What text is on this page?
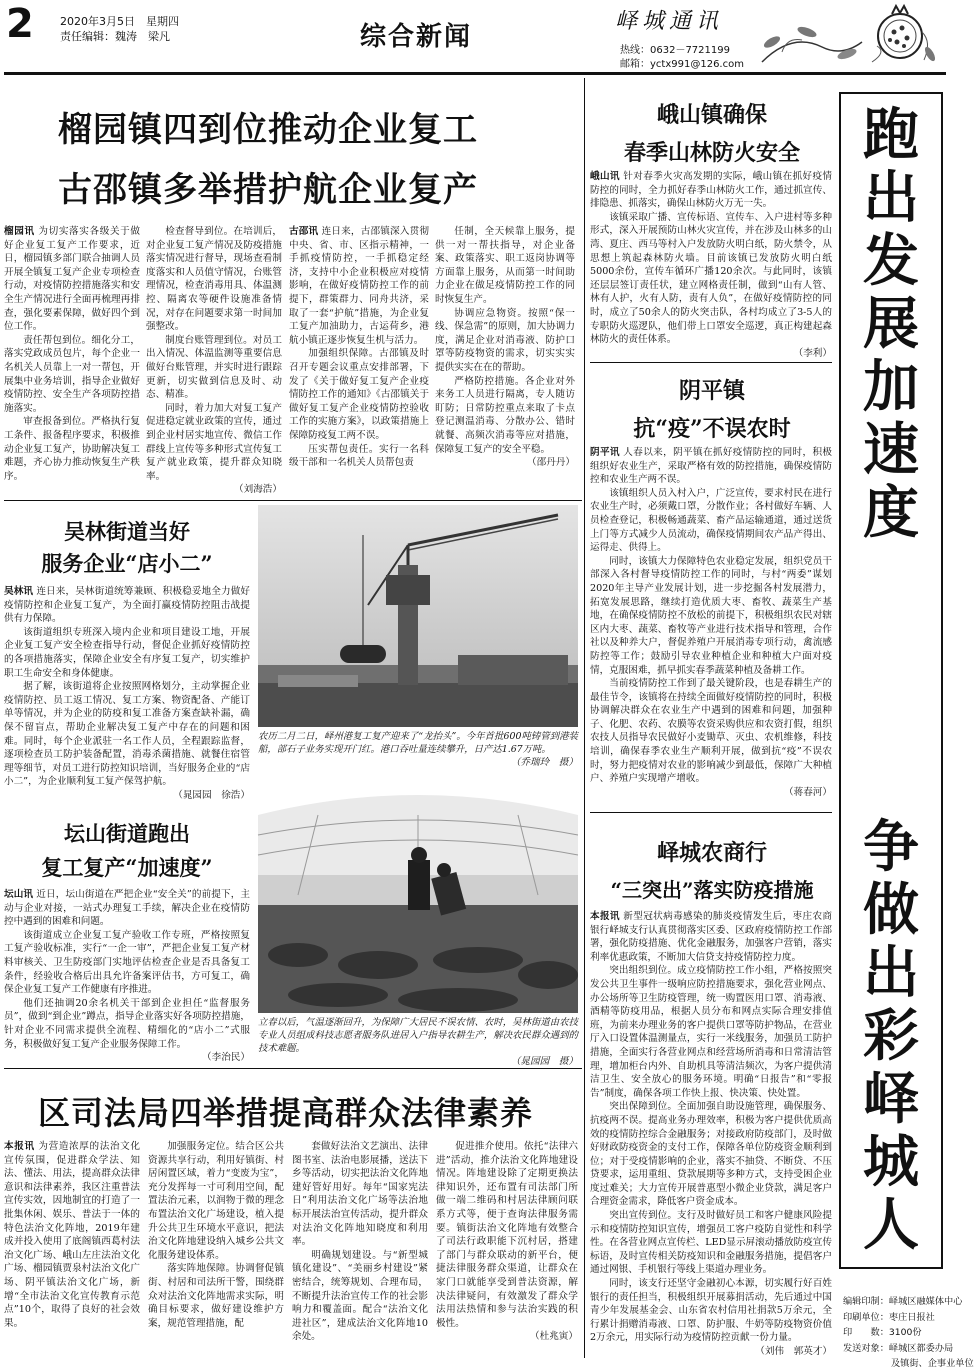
2 2020年3月5日　星期四
责任编辑：魏涛　梁凡	综合新闻
峄城通讯
热线：0632－7721199
邮箱：yctx991@126.com
榴园镇四到位推动企业复工
古邵镇多举措护航企业复产

榴园讯 为切实落实各级关于做好企业复工复产工作要求，近日，榴园镇多部门联合抽调人员开展全镇复工复产企业专项检查行动，对疫情防控措施落实和安全生产情况进行全面再梳理再排查，强化要素保障，做好四个到位工作。

责任帮包到位。细化分工，落实党政成员包片，每个企业一名机关人员靠上一对一帮包，开展集中业务培训，指导企业做好疫情防控、安全生产各项防控措施落实。

审查报备到位。严格执行复工条件、报备程序要求，积极推动企业复工复产，协助解决复工难题，齐心协力推动恢复生产秩序。

检查督导到位。在培训后，对企业复工复产情况及防疫措施落实情况进行督导，现场查看制度落实和人员值守情况，台账管理情况，检查消毒用具、体温测控、隔离农等硬件设施准备情况，对存在问题要求第一时间加强整改。

制度台账管理到位。对员工出入情况、体温监测等重要信息做好台账管理，并实时进行跟踪更新，切实做到信息及时、动态、精准。

同时，着力加大对复工复产促进稳定就业政策的宣传，通过到企业村居实地宣传、微信工作群线上宣传等多种形式宣传复工复产就业政策，提升群众知晓率。

（刘海浩）

古邵讯 连日来，古邵镇深入贯彻中央、省、市、区指示精神，一手抓疫情防控，一手抓稳定经济，支持中小企业积极应对疫情影响，在做好疫情防控工作的前提下，群策群力、同舟共济，采取了一套“护航”措施，为企业复工复产加油助力，古运荷乡，港航小镇正逐步恢复生机与活力。

加强组织保障。古邵镇及时召开专题会议重点安排部署，下发了《关于做好复工复产企业疫情防控工作的通知》《古邵镇关于做好复工复产企业疫情防控验收工作的实施方案》，以政策措施上保障防疫复工两不误。

压实帮包责任。实行一名科级干部和一名机关人员帮包责

任制，全天候靠上服务，提供一对一帮扶指导，对企业备案、政策落实、职工返岗协调等方面靠上服务，从而第一时间助力企业在做足疫情防控工作的同时恢复生产。

协调应急物资。按照“保一线、保急需”的原则，加大协调力度，满足企业对消毒液、防护口罩等防疫物资的需求，切实实实提供实实在在的帮助。

严格防控措施。各企业对外来务工人员进行隔离，专人随访盯防；日常防控重点来取了卡点登记测温消毒、分散办公、错时就餐、高频次消毒等应对措施，保障复工复产的安全平稳。

（邵丹丹）
吴林街道当好
服务企业“店小二”

吴林讯 连日来，吴林街道统筹兼顾、积极稳妥地全力做好疫情防控和企业复工复产，为全面打赢疫情防控阻击战提供有力保障。

该街道组织专班深入境内企业和项目建设工地，开展企业复工复产安全检查指导行动，督促企业抓好疫情防控的各项措施落实，保障企业安全有序复工复产，切实维护职工生命安全和身体健康。

据了解，该街道将企业按照网格划分，主动掌握企业疫情防控、员工返工情况、复工方案、物资配备、产能订单等情况，并为企业的防疫和复工准备方案查缺补漏，确保不留盲点，帮助企业解决复工复产中存在的问题和困难。同时，每个企业派驻一名工作人员，全程跟踪监督，逐项检查员工防护装备配置，消毒杀菌措施、就餐住宿管理等细节，对员工进行防控知识培训，当好服务企业的“店小二”，为企业顺利复工复产保驾护航。

（晁园园　徐浩）
坛山街道跑出
复工复产“加速度”

坛山讯 近日，坛山街道在严把企业“安全关”的前提下，主动与企业对接，一站式办理复工手续，解决企业在疫情防控中遇到的困难和问题。

该街道成立企业复工复产验收工作专班，严格按照复工复产验收标准，实行“一企一审”，严把企业复工复产材料审核关、卫生防疫部门实地评估检查企业是否具备复工条件，经验收合格后出具允许备案评估书，方可复工，确保企业复工复产工作健康有序推进。

他们还抽调20余名机关干部到企业担任“监督服务员”，做到“到企业”蹲点，指导企业落实好各项防控措施，针对企业不同需求提供全流程、精细化的“店小二”式服务，积极做好复工复产企业服务保障工作。

（李治民）
农历二月二日，峄州港复工复产迎来了“龙抬头”。今年首批600吨铸管到港装船，部石子业务实现开门红。港口吞吐量连续攀升，日产达1.67万吨。
（乔瑞玲　摄）
立春以后，气温逐渐回升，为保障广大居民不误农情、农时，吴林街道由农技专业人员组成科技志愿者服务队进居入户指导农耕生产，解决农民群众遇到的技术难题。
（晁园园　摄）
区司法局四举措提高群众法律素养

本报讯 为营造浓厚的法治文化宣传氛围，促进群众学法、知法、懂法、用法，提高群众法律意识和法律素养，我区注重普法宣传实效，因地制宜的打造了一批集休闲、娱乐、普法于一体的特色法治文化阵地，2019年建成并投入使用了底阁镇西葛村法治文化广场、峨山左庄法治文化广场、榴园镇贾泉村法治文化广场、阴平镇法治文化广场，新增“全市法治文化宣传教育示范点”10个，取得了良好的社会效果。

加强服务定位。结合区公共资源共享行动，利用好镇街、村居闲置区域，着力“变废为宝”，充分发挥每一寸可利用空间，配置法治元素，以润物于微的理念布置法治文化广场建设，植入提升公共卫生环境水平意识，把法治文化阵地建设纳入城乡公共文化服务建设体系。

落实阵地保障。协调督促镇街、村居和司法所干警，围绕群众对法治文化阵地需求实际，明确目标要求，做好建设维护方案，规范管理措施，配

套做好法治文艺演出、法律图书室、法治电影展播，送法下乡等活动，切实把法治文化阵地建好管好用好。每年“国家宪法日”利用法治文化广场等法治地标开展法治宣传活动，提升群众对法治文化阵地知晓度和利用率。

明确规划建设。与“新型城镇化建设”、“美丽乡村建设”紧密结合，统筹规划、合理布局，不断提升法治宣传工作的社会影响力和覆盖面。配合“法治文化进社区”，建成法治文化阵地10余处。

促进推介使用。依托“法律六进”活动，推介法治文化阵地建设情况。阵地建设除了定期更换法律知识外，还布置有司法部门所做一端二维码和村居法律顾问联系方式等，便于查询法律服务需要。镇街法治文化阵地有效整合了司法行政职能下沉村居，搭建了部门与群众联动的新平台，便捷法律服务群众渠道，让群众在家门口就能享受到普法资源，解决法律疑问，有效激发了群众学法用法热情和参与法治实践的积极性。

（杜兆寅）
峨山镇确保
春季山林防火安全

峨山讯 针对春季火灾高发期的实际，峨山镇在抓好疫情防控的同时，全力抓好春季山林防火工作，通过抓宣传、排隐患、抓落实，确保山林防火万无一失。

该镇采取广播、宣传标语、宣传车、入户进村等多种形式，深入开展预防山林火灾宣传，并在涉及山林多的山湾、夏庄、西马等村入户发放防火明白纸，防火禁令，从思想上筑起森林防火墙。目前该镇已发放防火明白纸5000余份，宣传车循环广播120余次。与此同时，该镇还层层签订责任状，建立网格责任制，做到“山有人管、林有人护，火有人防，责有人负”，在做好疫情防控的同时，成立了50余人的防火突击队，各村均成立了3-5人的专职防火巡逻队，他们带上口罩安全巡逻，真正构建起森林防火的责任体系。

（李利）
阴平镇
抗“疫”不误农时

阴平讯 人春以来，阴平镇在抓好疫情防控的同时，积极组织好农业生产，采取严格有效的防控措施，确保疫情防控和农业生产两不误。

该镇组织人员入村入户，广泛宣传，要求村民在进行农业生产时，必须戴口罩，分散作业；各村做好车辆、人员检查登记，积极畅通蔬菜、畜产品运输通道，通过送货上门等方式减少人员流动，确保疫情期间农产品产得出、运得走、供得上。

同时，该镇大力保障特色农业稳定发展，组织党员干部深入各村督导疫情防控工作的同时，与村“两委”谋划2020年主导产业发展计划，进一步挖掘各村发展潜力，拓宽发展思路，继续打造优质大枣、畜牧、蔬菜生产基地，在确保疫情防控不放松的前提下，积极组织农民对辖区内大枣、蔬菜、畜牧等产业进行技术指导和管理，合作社以及种养大户，督促养殖户开展消毒专项行动，禽流感防控等工作；鼓励引导农业种植企业和种植大户面对疫情，克服困难，抓早抓实春季蔬菜种植及备耕工作。

当前疫情防控工作到了最关键阶段，也是春耕生产的最佳节令，该镇将在持续全面做好疫情防控的同时，积极协调解决群众在农业生产中遇到的困难和问题，加强种子、化肥、农药、农膜等农资采购供应和农资打假，组织农技人员指导农民做好小麦锄草、灭虫、农机维修，科技培训，确保春季农业生产顺利开展，做到抗“疫”不误农时，努力把疫情对农业的影响减少到最低，保障广大种植户、养殖户实现增产增收。

（蒋春河）
峄城农商行
“三突出”落实防疫措施

本报讯 新型冠状病毒感染的肺炎疫情发生后，枣庄农商银行峄城支行认真贯彻落实区委、区政府疫情防控工作部署，强化防疫措施、优化金融服务，加强客户营销，落实利率优惠政策，不断加大信贷支持疫情防控力度。

突出组织到位。成立疫情防控工作小组，严格按照突发公共卫生事件一级响应防控措施要求，强化营业网点、办公场所等卫生防疫管理，统一购置医用口罩、消毒液、酒精等防疫用品，根据人员分布和网点实际合理安排值班，为前来办理业务的客户提供口罩等防护物品，在营业厅入口设置体温测量点，实行一米线服务，加强员工防护措施，全面实行各营业网点和经营场所消毒和日常清洁管理，增加柜台内外、自助机具等清洁频次，为客户提供清洁卫生、安全放心的服务环境。明确“日报告”和“零报告”制度，确保各项工作快上报、快决策、快处置。

突出保障到位。全面加强自助设施管理，确保服务、抗疫两不误。提高业务办理效率，积极为客户提供优质高效的疫情防控综合金融服务；对接政府防疫部门，及时做好财政防疫资金的支付工作，保障各单位防疫资金顺利到位；对于受疫情影响的企业，落实不抽贷、不断贷、不压贷要求，运用重组、贷款展期等多种方式，支持受困企业度过难关；大力宣传开展普惠型小微企业贷款，满足客户合理资金需求，降低客户资金成本。

突出宣传到位。支行及时做好员工和客户健康风险提示和疫情防控知识宣传，增强员工客户疫防自觉性和科学性。在各营业网点宣传栏、LED显示屏滚动播放防疫宣传标语，及时宣传相关防疫知识和金融服务措施，提倡客户通过网银、手机银行等线上渠道办理业务。

同时，该支行还坚守金融初心本源，切实履行好百姓银行的责任担当，积极组织开展募捐活动，先后通过中国青少年发展基金会、山东省农村信用社捐款5万余元，全行累计捐赠消毒液、口罩、防护服、牛奶等防疫物资价值2万余元，用实际行动为疫情防控贡献一份力量。

（刘伟　郭英才）
跑
出
发
展
加
速
度
争
做
出
彩
峄
城
人
编辑印制：峄城区融媒体中心
印刷单位：枣庄日报社
印　　数：3100份
发送对象：峄城区都委办局
及镇街、企事业单位
